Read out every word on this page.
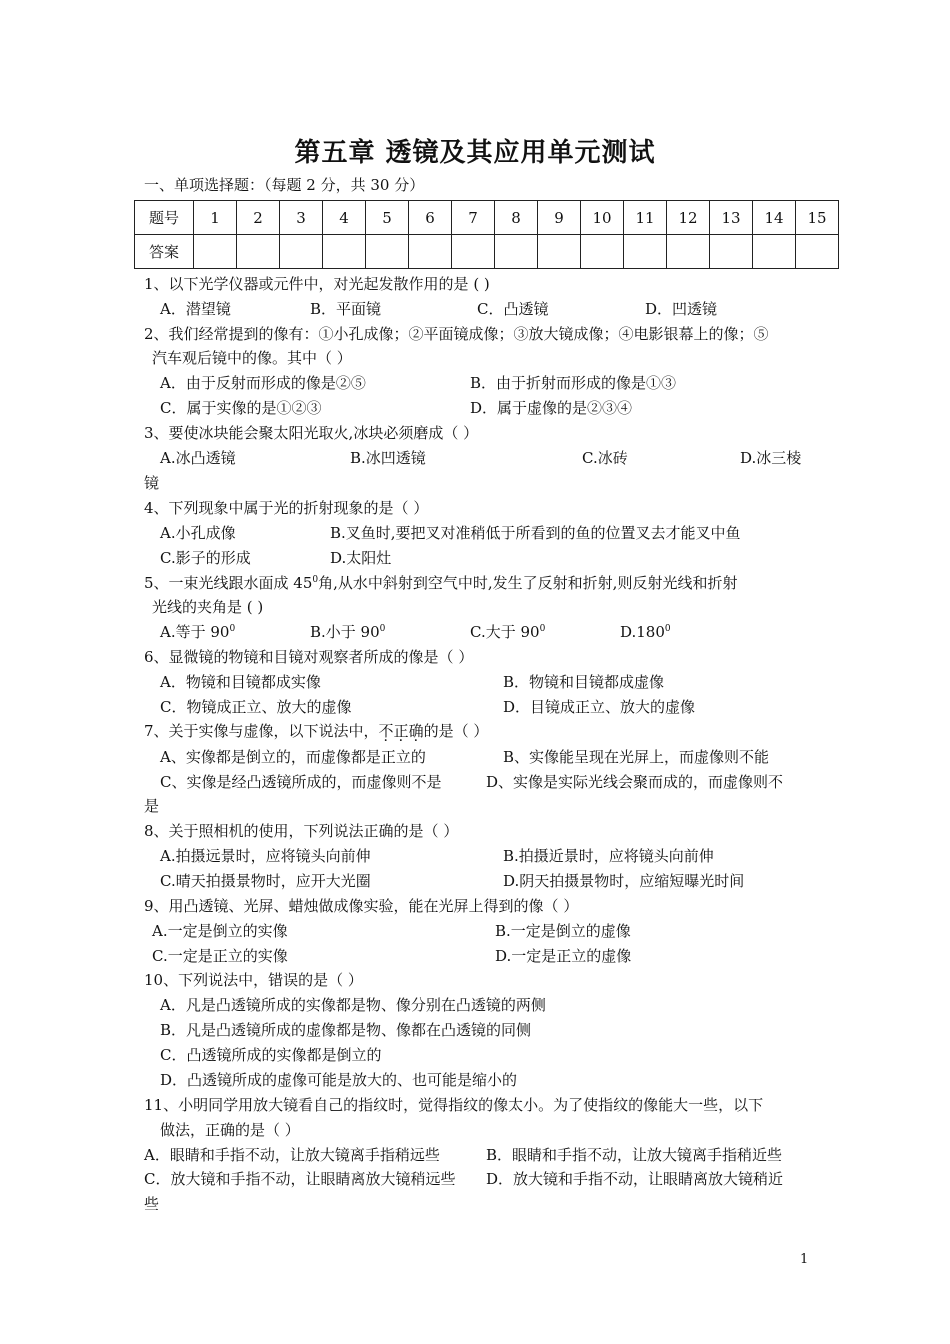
第五章 透镜及其应用单元测试
一、单项选择题：（每题 2 分，共 30 分）
题号	1	2	3	4	5	6	7	8	9	10	11	12	13	14	15
答案															
1、以下光学仪器或元件中，对光起发散作用的是 ( )
A．潜望镜	B．平面镜	C．凸透镜	D．凹透镜
2、我们经常提到的像有：①小孔成像；②平面镜成像；③放大镜成像；④电影银幕上的像；⑤
汽车观后镜中的像。其中（ ）
A．由于反射而形成的像是②⑤	B．由于折射而形成的像是①③
C．属于实像的是①②③	D．属于虚像的是②③④
3、要使冰块能会聚太阳光取火,冰块必须磨成（ ）
A.冰凸透镜	B.冰凹透镜	C.冰砖	D.冰三棱
镜
4、下列现象中属于光的折射现象的是（ ）
A.小孔成像	B.叉鱼时,要把叉对准稍低于所看到的鱼的位置叉去才能叉中鱼
C.影子的形成	D.太阳灶
5、一束光线跟水面成 $45^0$角,从水中斜射到空气中时,发生了反射和折射,则反射光线和折射
光线的夹角是 ( )
A.等于 $90^0$	B.小于 $90^0$	C.大于 $90^0$	D.180$^0$
6、显微镜的物镜和目镜对观察者所成的像是（ ）
A．物镜和目镜都成实像	B．物镜和目镜都成虚像
C．物镜成正立、放大的虚像	D．目镜成正立、放大的虚像
7、关于实像与虚像，以下说法中，不正确的是（ ）
A、实像都是倒立的，而虚像都是正立的	B、实像能呈现在光屏上，而虚像则不能
C、实像是经凸透镜所成的，而虚像则不是	D、实像是实际光线会聚而成的，而虚像则不
是
8、关于照相机的使用，下列说法正确的是（ ）
A.拍摄远景时，应将镜头向前伸	B.拍摄近景时，应将镜头向前伸
C.晴天拍摄景物时，应开大光圈	D.阴天拍摄景物时，应缩短曝光时间
9、用凸透镜、光屏、蜡烛做成像实验，能在光屏上得到的像（ ）
A.一定是倒立的实像	B.一定是倒立的虚像
C.一定是正立的实像	D.一定是正立的虚像
10、下列说法中，错误的是（ ）
A．凡是凸透镜所成的实像都是物、像分别在凸透镜的两侧
B．凡是凸透镜所成的虚像都是物、像都在凸透镜的同侧
C．凸透镜所成的实像都是倒立的
D．凸透镜所成的虚像可能是放大的、也可能是缩小的
11、小明同学用放大镜看自己的指纹时，觉得指纹的像太小。为了使指纹的像能大一些，以下
做法，正确的是（ ）
A．眼睛和手指不动，让放大镜离手指稍远些	B．眼睛和手指不动，让放大镜离手指稍近些
C．放大镜和手指不动，让眼睛离放大镜稍远些 D．放大镜和手指不动，让眼睛离放大镜稍近
些
1
